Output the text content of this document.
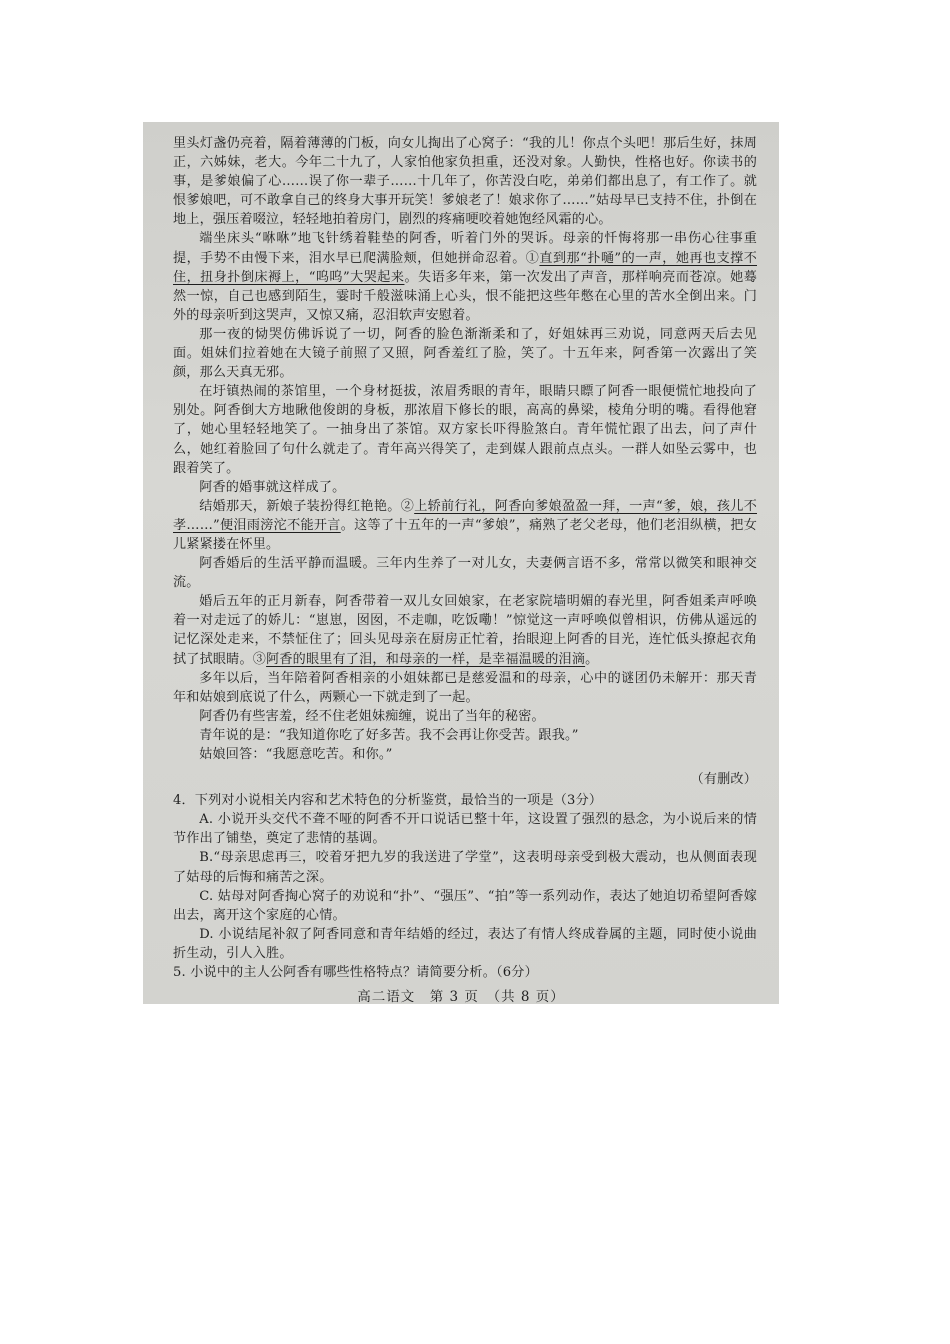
里头灯盏仍亮着，隔着薄薄的门板，向女儿掏出了心窝子：“我的儿！你点个头吧！那后生好，抹周正，六姊妹，老大。今年二十九了，人家怕他家负担重，还没对象。人勤快，性格也好。你读书的事，是爹娘偏了心……误了你一辈子……十几年了，你苦没白吃，弟弟们都出息了，有工作了。就恨爹娘吧，可不敢拿自己的终身大事开玩笑！爹娘老了！娘求你了……”姑母早已支持不住，扑倒在地上，强压着啜泣，轻轻地拍着房门，剧烈的疼痛哽咬着她饱经风霜的心。

端坐床头“咻咻”地飞针绣着鞋垫的阿香，听着门外的哭诉。母亲的忏悔将那一串伤心往事重提，手势不由慢下来，泪水早已爬满脸颊，但她拼命忍着。①直到那“扑嗵”的一声，她再也支撑不住，扭身扑倒床褥上，“呜呜”大哭起来。失语多年来，第一次发出了声音，那样响亮而苍凉。她蓦然一惊，自己也感到陌生，霎时千般滋味涌上心头，恨不能把这些年憋在心里的苦水全倒出来。门外的母亲听到这哭声，又惊又痛，忍泪软声安慰着。

那一夜的恸哭仿佛诉说了一切，阿香的脸色渐渐柔和了，好姐妹再三劝说，同意两天后去见面。姐妹们拉着她在大镜子前照了又照，阿香羞红了脸，笑了。十五年来，阿香第一次露出了笑颜，那么天真无邪。

在圩镇热闹的茶馆里，一个身材挺拔，浓眉秀眼的青年，眼睛只瞟了阿香一眼便慌忙地投向了别处。阿香倒大方地瞅他俊朗的身板，那浓眉下修长的眼，高高的鼻梁，棱角分明的嘴。看得他窘了，她心里轻轻地笑了。一抽身出了茶馆。双方家长吓得脸煞白。青年慌忙跟了出去，问了声什么，她红着脸回了句什么就走了。青年高兴得笑了，走到媒人跟前点点头。一群人如坠云雾中，也跟着笑了。

阿香的婚事就这样成了。

结婚那天，新娘子装扮得红艳艳。②上轿前行礼，阿香向爹娘盈盈一拜，一声“爹，娘，孩儿不孝……”便泪雨滂沱不能开言。这等了十五年的一声“爹娘”，痛熟了老父老母，他们老泪纵横，把女儿紧紧搂在怀里。

阿香婚后的生活平静而温暖。三年内生养了一对儿女，夫妻俩言语不多，常常以微笑和眼神交流。

婚后五年的正月新春，阿香带着一双儿女回娘家，在老家院墙明媚的春光里，阿香姐柔声呼唤着一对走远了的娇儿：“崽崽，囡囡，不走咖，吃饭嘞！”惊觉这一声呼唤似曾相识，仿佛从遥远的记忆深处走来，不禁怔住了；回头见母亲在厨房正忙着，抬眼迎上阿香的目光，连忙低头撩起衣角拭了拭眼睛。③阿香的眼里有了泪，和母亲的一样，是幸福温暖的泪滴。

多年以后，当年陪着阿香相亲的小姐妹都已是慈爱温和的母亲，心中的谜团仍未解开：那天青年和姑娘到底说了什么，两颗心一下就走到了一起。

阿香仍有些害羞，经不住老姐妹痴缠，说出了当年的秘密。

青年说的是：“我知道你吃了好多苦。我不会再让你受苦。跟我。”

姑娘回答：“我愿意吃苦。和你。”

（有删改）

4．下列对小说相关内容和艺术特色的分析鉴赏，最恰当的一项是（3分）

A. 小说开头交代不聋不哑的阿香不开口说话已整十年，这设置了强烈的悬念，为小说后来的情节作出了铺垫，奠定了悲情的基调。

B.“母亲思虑再三，咬着牙把九岁的我送进了学堂”，这表明母亲受到极大震动，也从侧面表现了姑母的后悔和痛苦之深。

C. 姑母对阿香掏心窝子的劝说和“扑”、“强压”、“拍”等一系列动作，表达了她迫切希望阿香嫁出去，离开这个家庭的心情。

D. 小说结尾补叙了阿香同意和青年结婚的经过，表达了有情人终成眷属的主题，同时使小说曲折生动，引人入胜。

5. 小说中的主人公阿香有哪些性格特点？请简要分析。（6分）

高二语文　第 3 页　（共 8 页）
